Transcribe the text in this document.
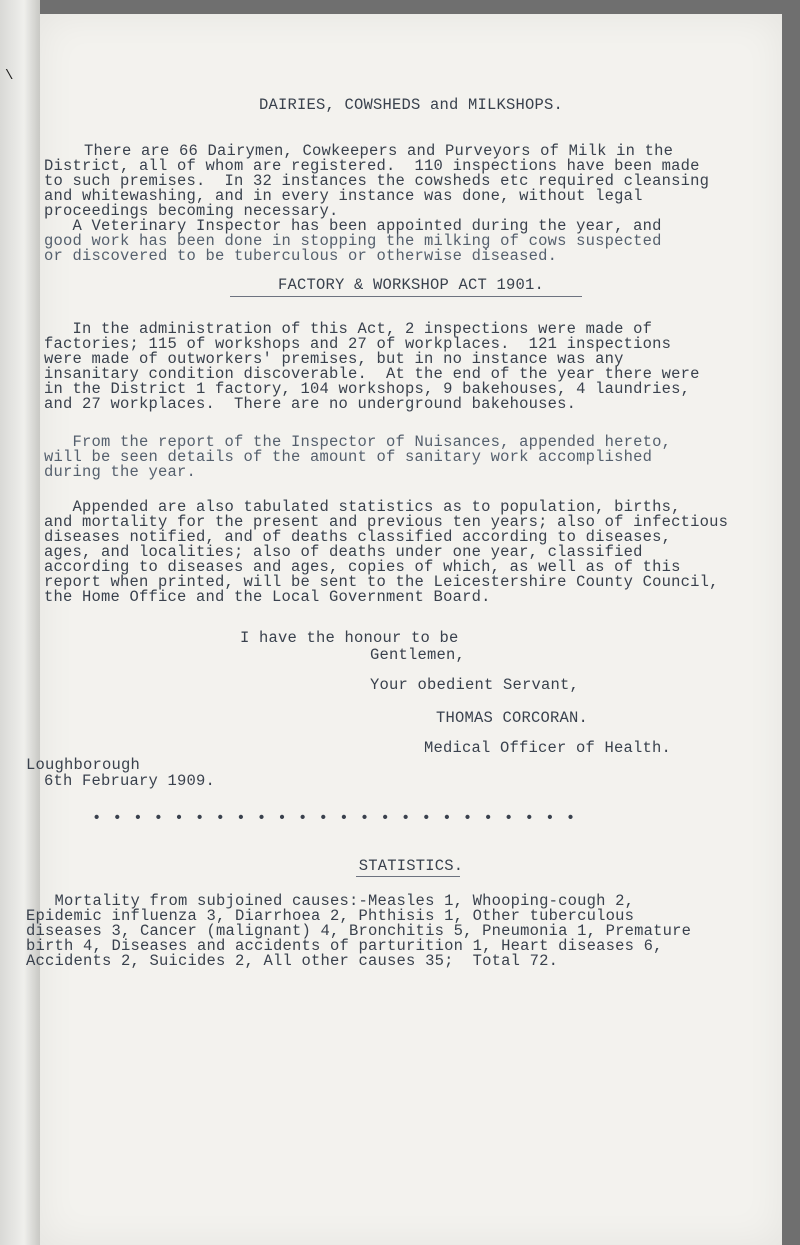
\
DAIRIES, COWSHEDS and MILKSHOPS.
There are 66 Dairymen, Cowkeepers and Purveyors of Milk in the
District, all of whom are registered.  110 inspections have been made
to such premises.  In 32 instances the cowsheds etc required cleansing
and whitewashing, and in every instance was done, without legal
proceedings becoming necessary.
A Veterinary Inspector has been appointed during the year, and
good work has been done in stopping the milking of cows suspected
or discovered to be tuberculous or otherwise diseased.
FACTORY & WORKSHOP ACT 1901.
In the administration of this Act, 2 inspections were made of
factories; 115 of workshops and 27 of workplaces.  121 inspections
were made of outworkers' premises, but in no instance was any
insanitary condition discoverable.  At the end of the year there were
in the District 1 factory, 104 workshops, 9 bakehouses, 4 laundries,
and 27 workplaces.  There are no underground bakehouses.
From the report of the Inspector of Nuisances, appended hereto,
will be seen details of the amount of sanitary work accomplished
during the year.
Appended are also tabulated statistics as to population, births,
and mortality for the present and previous ten years; also of infectious
diseases notified, and of deaths classified according to diseases,
ages, and localities; also of deaths under one year, classified
according to diseases and ages, copies of which, as well as of this
report when printed, will be sent to the Leicestershire County Council,
the Home Office and the Local Government Board.
I have the honour to be
Gentlemen,
Your obedient Servant,
THOMAS CORCORAN.
Medical Officer of Health.
Loughborough
6th February 1909.
• • • • • • • • • • • • • • • • • • • • • • • •
STATISTICS.
Mortality from subjoined causes:-Measles 1, Whooping-cough 2,
Epidemic influenza 3, Diarrhoea 2, Phthisis 1, Other tuberculous
diseases 3, Cancer (malignant) 4, Bronchitis 5, Pneumonia 1, Premature
birth 4, Diseases and accidents of parturition 1, Heart diseases 6,
Accidents 2, Suicides 2, All other causes 35;  Total 72.
